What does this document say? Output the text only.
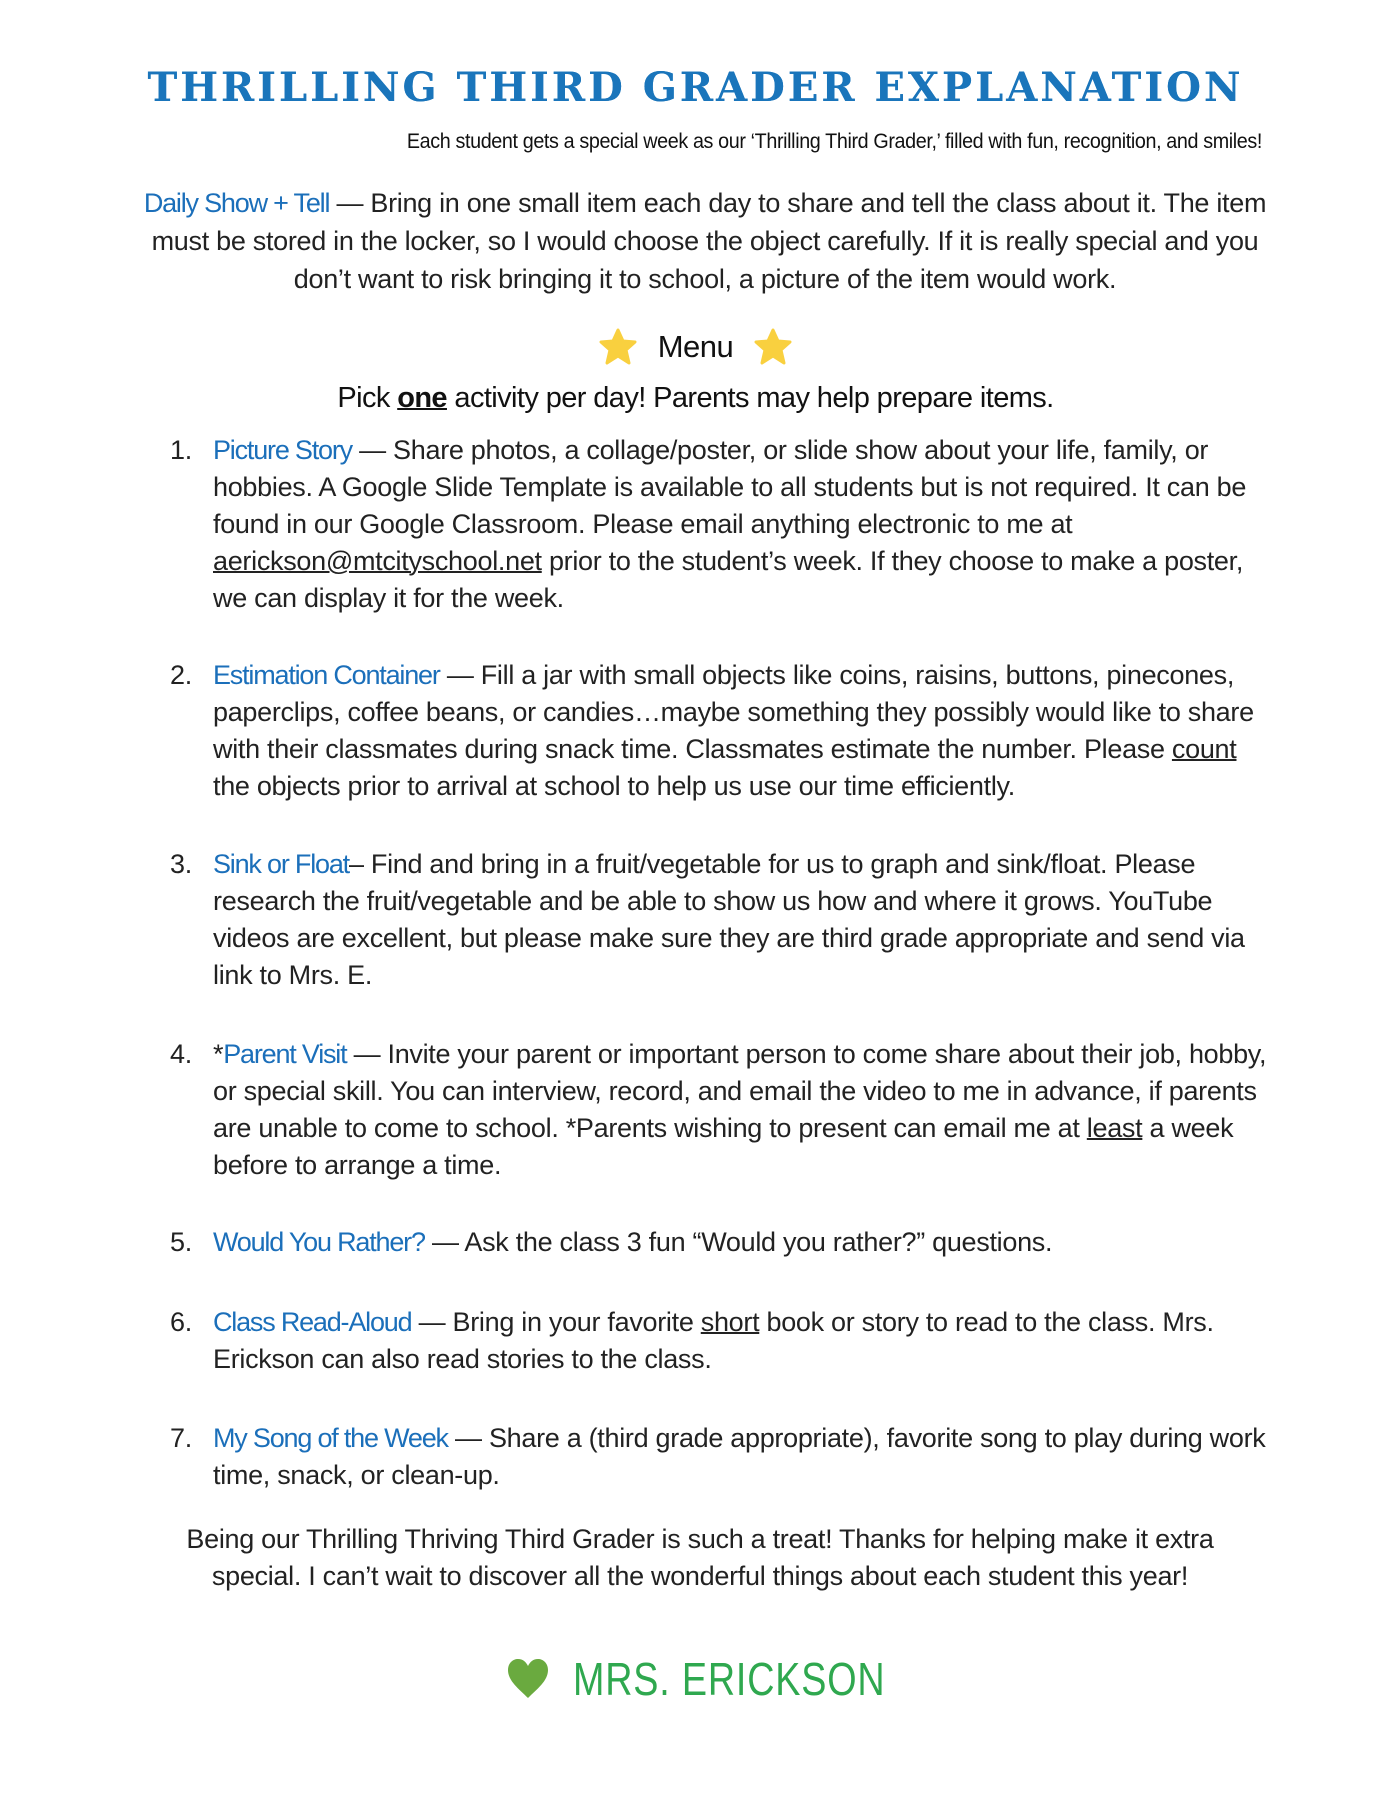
THRILLING THIRD GRADER EXPLANATION
Each student gets a special week as our ‘Thrilling Third Grader,’ filled with fun, recognition, and smiles!
Daily Show + Tell — Bring in one small item each day to share and tell the class about it. The item must be stored in the locker, so I would choose the object carefully. If it is really special and you don’t want to risk bringing it to school, a picture of the item would work.
Menu
Pick one activity per day! Parents may help prepare items.
1. Picture Story — Share photos, a collage/poster, or slide show about your life, family, or hobbies. A Google Slide Template is available to all students but is not required. It can be found in our Google Classroom. Please email anything electronic to me at aerickson@mtcityschool.net prior to the student’s week. If they choose to make a poster, we can display it for the week.
2. Estimation Container — Fill a jar with small objects like coins, raisins, buttons, pinecones, paperclips, coffee beans, or candies…maybe something they possibly would like to share with their classmates during snack time. Classmates estimate the number. Please count the objects prior to arrival at school to help us use our time efficiently.
3. Sink or Float– Find and bring in a fruit/vegetable for us to graph and sink/float. Please research the fruit/vegetable and be able to show us how and where it grows. YouTube videos are excellent, but please make sure they are third grade appropriate and send via link to Mrs. E.
4. *Parent Visit — Invite your parent or important person to come share about their job, hobby, or special skill. You can interview, record, and email the video to me in advance, if parents are unable to come to school. *Parents wishing to present can email me at least a week before to arrange a time.
5. Would You Rather? — Ask the class 3 fun “Would you rather?” questions.
6. Class Read-Aloud — Bring in your favorite short book or story to read to the class. Mrs. Erickson can also read stories to the class.
7. My Song of the Week — Share a (third grade appropriate), favorite song to play during work time, snack, or clean-up.
Being our Thrilling Thriving Third Grader is such a treat! Thanks for helping make it extra special. I can’t wait to discover all the wonderful things about each student this year!
MRS. ERICKSON
